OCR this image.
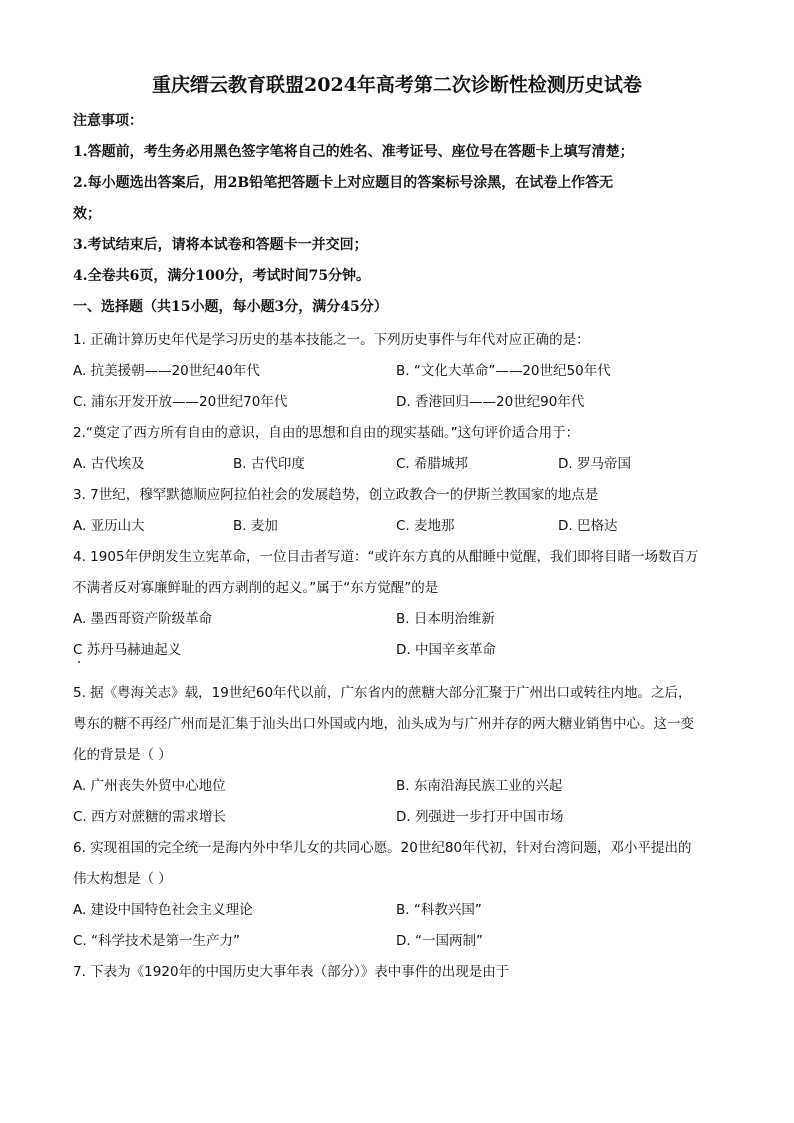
重庆缙云教育联盟2024年高考第二次诊断性检测历史试卷
注意事项：
1.答题前，考生务必用黑色签字笔将自己的姓名、准考证号、座位号在答题卡上填写清楚；
2.每小题选出答案后，用2B铅笔把答题卡上对应题目的答案标号涂黑，在试卷上作答无
效；
3.考试结束后，请将本试卷和答题卡一并交回；
4.全卷共6页，满分100分，考试时间75分钟。
一、选择题（共15小题，每小题3分，满分45分）
1. 正确计算历史年代是学习历史的基本技能之一。下列历史事件与年代对应正确的是：
A. 抗美援朝——20世纪40年代	B. “文化大革命”——20世纪50年代
C. 浦东开发开放——20世纪70年代	D. 香港回归——20世纪90年代
2.“奠定了西方所有自由的意识，自由的思想和自由的现实基础。”这句评价适合用于：
A. 古代埃及	B. 古代印度	C. 希腊城邦	D. 罗马帝国
3. 7世纪，穆罕默德顺应阿拉伯社会的发展趋势，创立政教合一的伊斯兰教国家的地点是
A. 亚历山大	B. 麦加	C. 麦地那	D. 巴格达
4. 1905年伊朗发生立宪革命，一位目击者写道：“或许东方真的从酣睡中觉醒，我们即将目睹一场数百万
不满者反对寡廉鲜耻的西方剥削的起义。”属于“东方觉醒”的是
A. 墨西哥资产阶级革命	B. 日本明治维新
C 苏丹马赫迪起义	D. 中国辛亥革命
5. 据《粤海关志》载，19世纪60年代以前，广东省内的蔗糖大部分汇聚于广州出口或转往内地。之后，
粤东的糖不再经广州而是汇集于汕头出口外国或内地，汕头成为与广州并存的两大糖业销售中心。这一变
化的背景是（ ）
A. 广州丧失外贸中心地位	B. 东南沿海民族工业的兴起
C. 西方对蔗糖的需求增长	D. 列强进一步打开中国市场
6. 实现祖国的完全统一是海内外中华儿女的共同心愿。20世纪80年代初，针对台湾问题，邓小平提出的
伟大构想是（ ）
A. 建设中国特色社会主义理论	B. “科教兴国”
C. “科学技术是第一生产力”	D. “一国两制”
7. 下表为《1920年的中国历史大事年表（部分）》表中事件的出现是由于
